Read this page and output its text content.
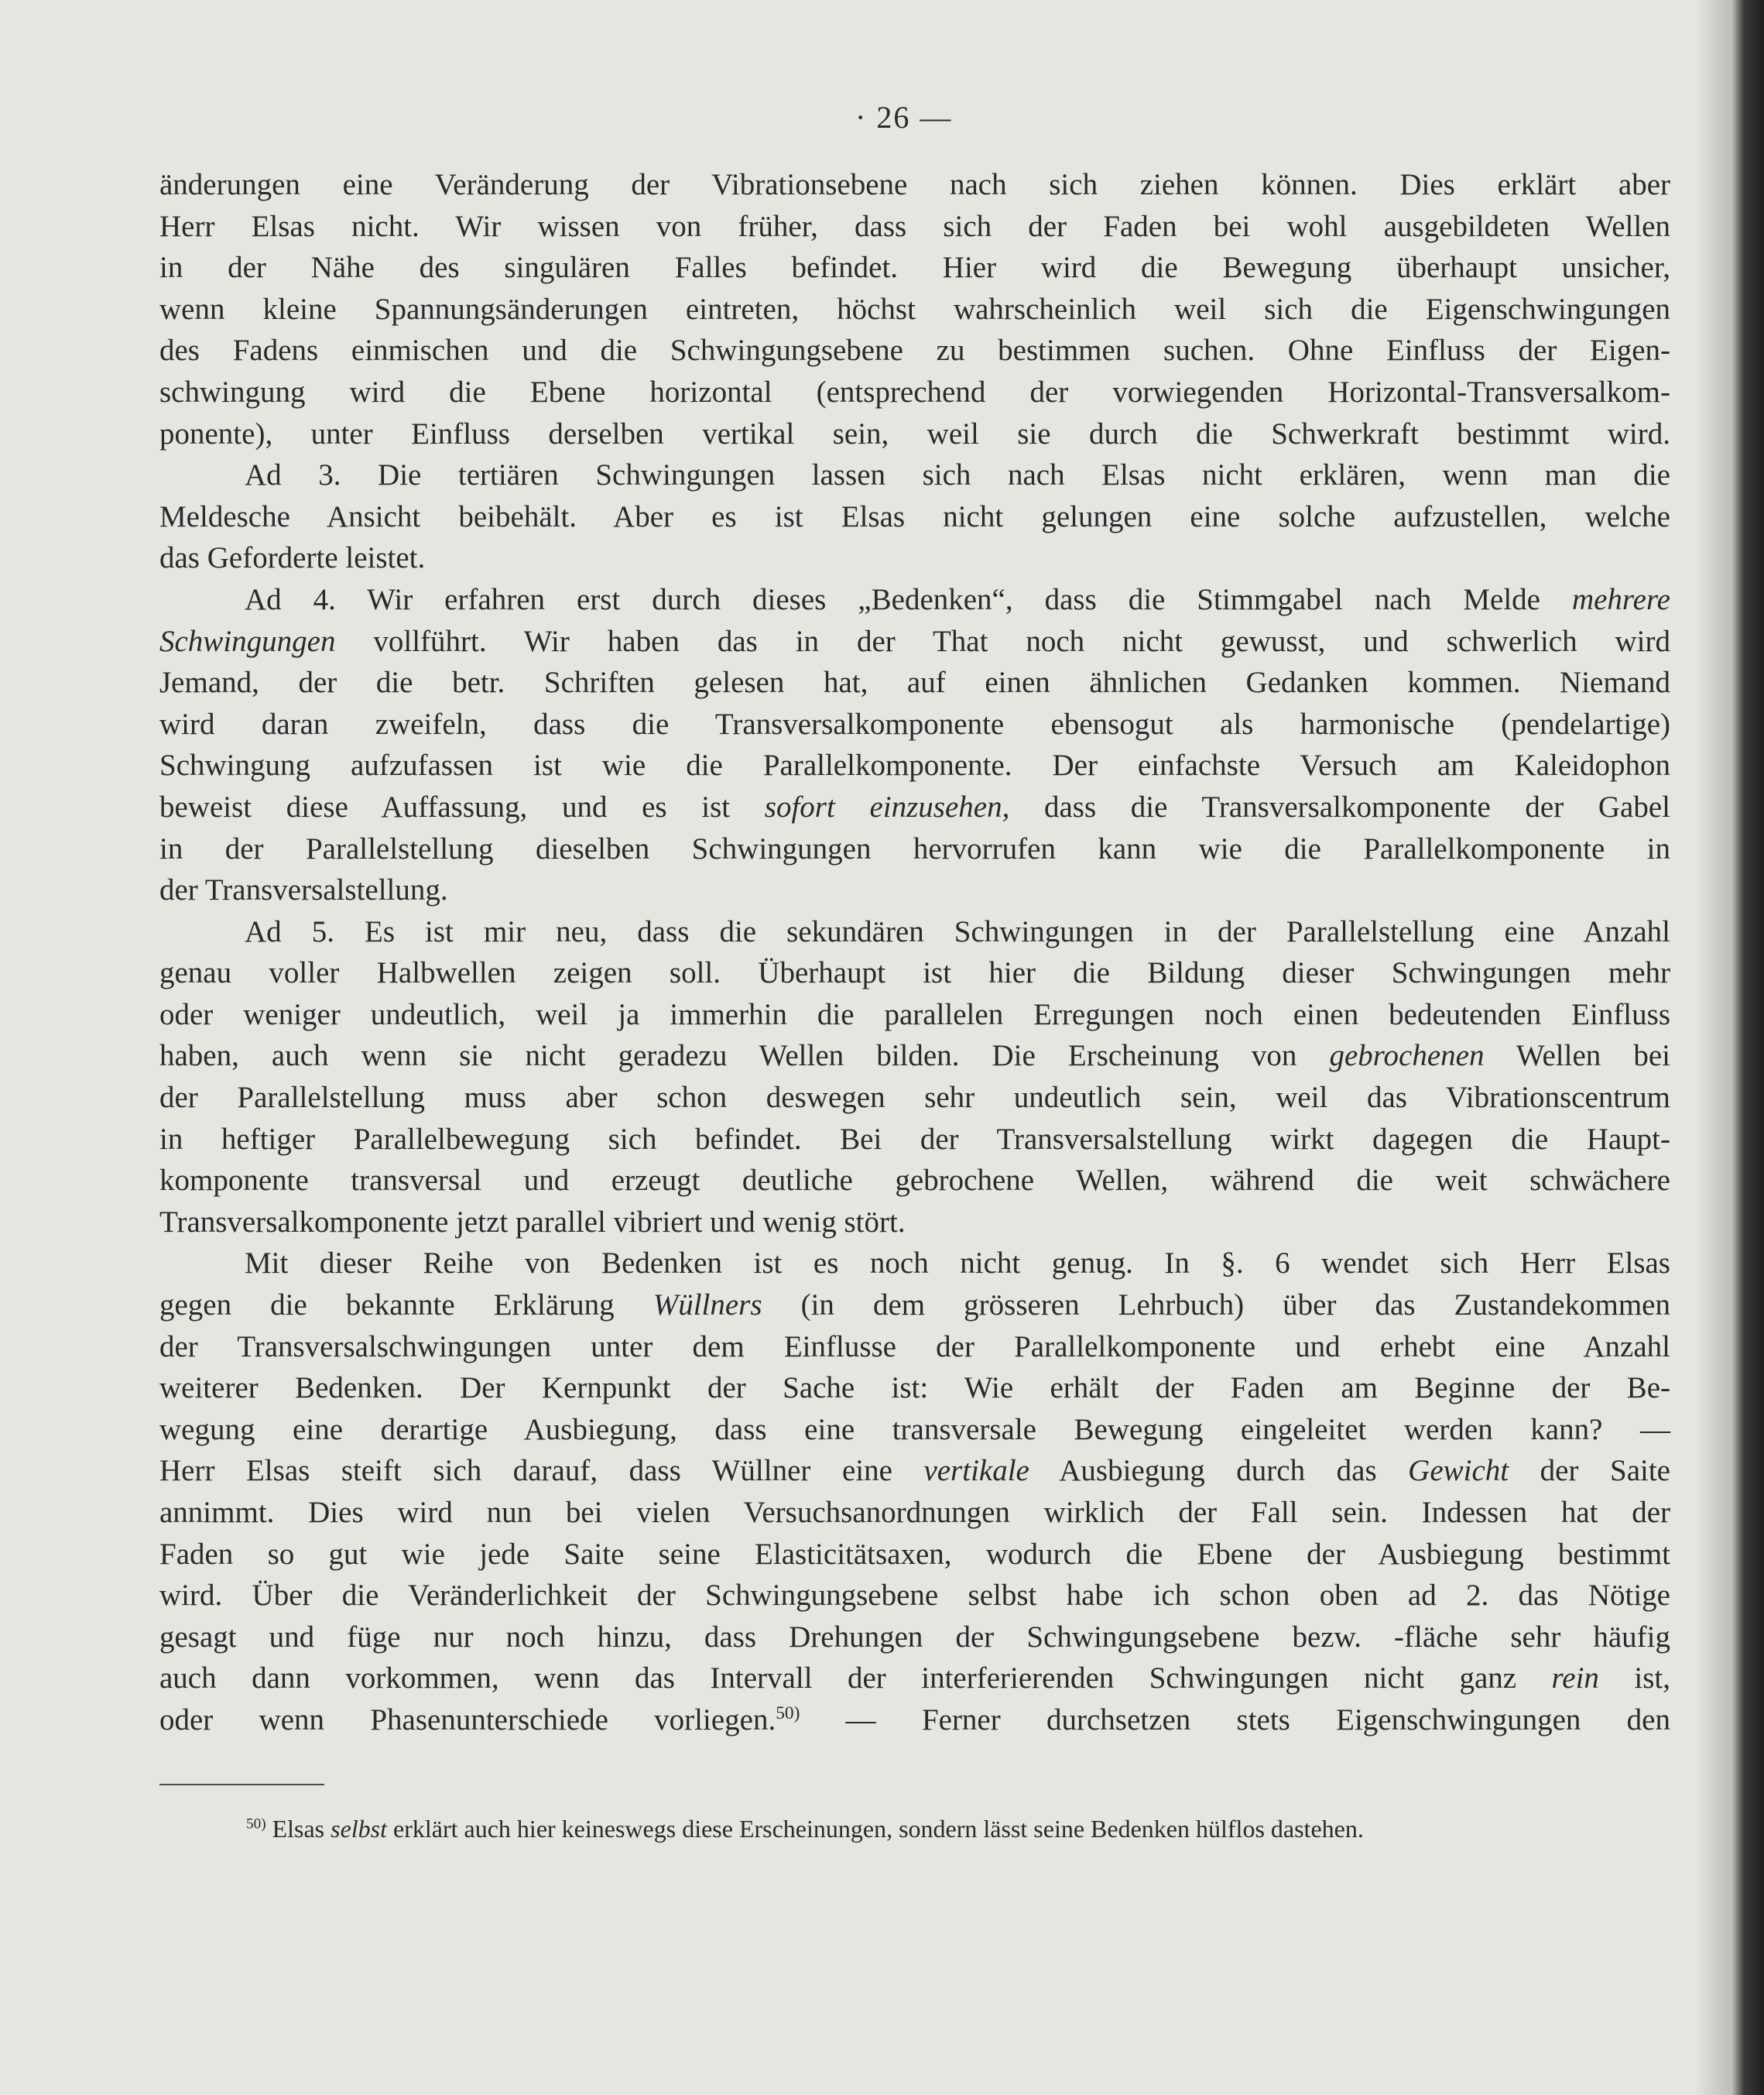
· 26 —
änderungen eine Veränderung der Vibrationsebene nach sich ziehen können. Dies erklärt aber
Herr Elsas nicht. Wir wissen von früher, dass sich der Faden bei wohl ausgebildeten Wellen
in der Nähe des singulären Falles befindet. Hier wird die Bewegung überhaupt unsicher,
wenn kleine Spannungsänderungen eintreten, höchst wahrscheinlich weil sich die Eigenschwingungen
des Fadens einmischen und die Schwingungsebene zu bestimmen suchen. Ohne Einfluss der Eigen-
schwingung wird die Ebene horizontal (entsprechend der vorwiegenden Horizontal-Transversalkom-
ponente), unter Einfluss derselben vertikal sein, weil sie durch die Schwerkraft bestimmt wird.
Ad 3. Die tertiären Schwingungen lassen sich nach Elsas nicht erklären, wenn man die
Meldesche Ansicht beibehält. Aber es ist Elsas nicht gelungen eine solche aufzustellen, welche
das Geforderte leistet.
Ad 4. Wir erfahren erst durch dieses „Bedenken“, dass die Stimmgabel nach Melde mehrere
Schwingungen vollführt. Wir haben das in der That noch nicht gewusst, und schwerlich wird
Jemand, der die betr. Schriften gelesen hat, auf einen ähnlichen Gedanken kommen. Niemand
wird daran zweifeln, dass die Transversalkomponente ebensogut als harmonische (pendelartige)
Schwingung aufzufassen ist wie die Parallelkomponente. Der einfachste Versuch am Kaleidophon
beweist diese Auffassung, und es ist sofort einzusehen, dass die Transversalkomponente der Gabel
in der Parallelstellung dieselben Schwingungen hervorrufen kann wie die Parallelkomponente in
der Transversalstellung.
Ad 5. Es ist mir neu, dass die sekundären Schwingungen in der Parallelstellung eine Anzahl
genau voller Halbwellen zeigen soll. Überhaupt ist hier die Bildung dieser Schwingungen mehr
oder weniger undeutlich, weil ja immerhin die parallelen Erregungen noch einen bedeutenden Einfluss
haben, auch wenn sie nicht geradezu Wellen bilden. Die Erscheinung von gebrochenen Wellen bei
der Parallelstellung muss aber schon deswegen sehr undeutlich sein, weil das Vibrationscentrum
in heftiger Parallelbewegung sich befindet. Bei der Transversalstellung wirkt dagegen die Haupt-
komponente transversal und erzeugt deutliche gebrochene Wellen, während die weit schwächere
Transversalkomponente jetzt parallel vibriert und wenig stört.
Mit dieser Reihe von Bedenken ist es noch nicht genug. In §. 6 wendet sich Herr Elsas
gegen die bekannte Erklärung Wüllners (in dem grösseren Lehrbuch) über das Zustandekommen
der Transversalschwingungen unter dem Einflusse der Parallelkomponente und erhebt eine Anzahl
weiterer Bedenken. Der Kernpunkt der Sache ist: Wie erhält der Faden am Beginne der Be-
wegung eine derartige Ausbiegung, dass eine transversale Bewegung eingeleitet werden kann? —
Herr Elsas steift sich darauf, dass Wüllner eine vertikale Ausbiegung durch das Gewicht der Saite
annimmt. Dies wird nun bei vielen Versuchsanordnungen wirklich der Fall sein. Indessen hat der
Faden so gut wie jede Saite seine Elasticitätsaxen, wodurch die Ebene der Ausbiegung bestimmt
wird. Über die Veränderlichkeit der Schwingungsebene selbst habe ich schon oben ad 2. das Nötige
gesagt und füge nur noch hinzu, dass Drehungen der Schwingungsebene bezw. -fläche sehr häufig
auch dann vorkommen, wenn das Intervall der interferierenden Schwingungen nicht ganz rein ist,
oder wenn Phasenunterschiede vorliegen.$^{50)}$ — Ferner durchsetzen stets Eigenschwingungen den
$^{50)}$ Elsas selbst erklärt auch hier keineswegs diese Erscheinungen, sondern lässt seine Bedenken hülflos dastehen.
